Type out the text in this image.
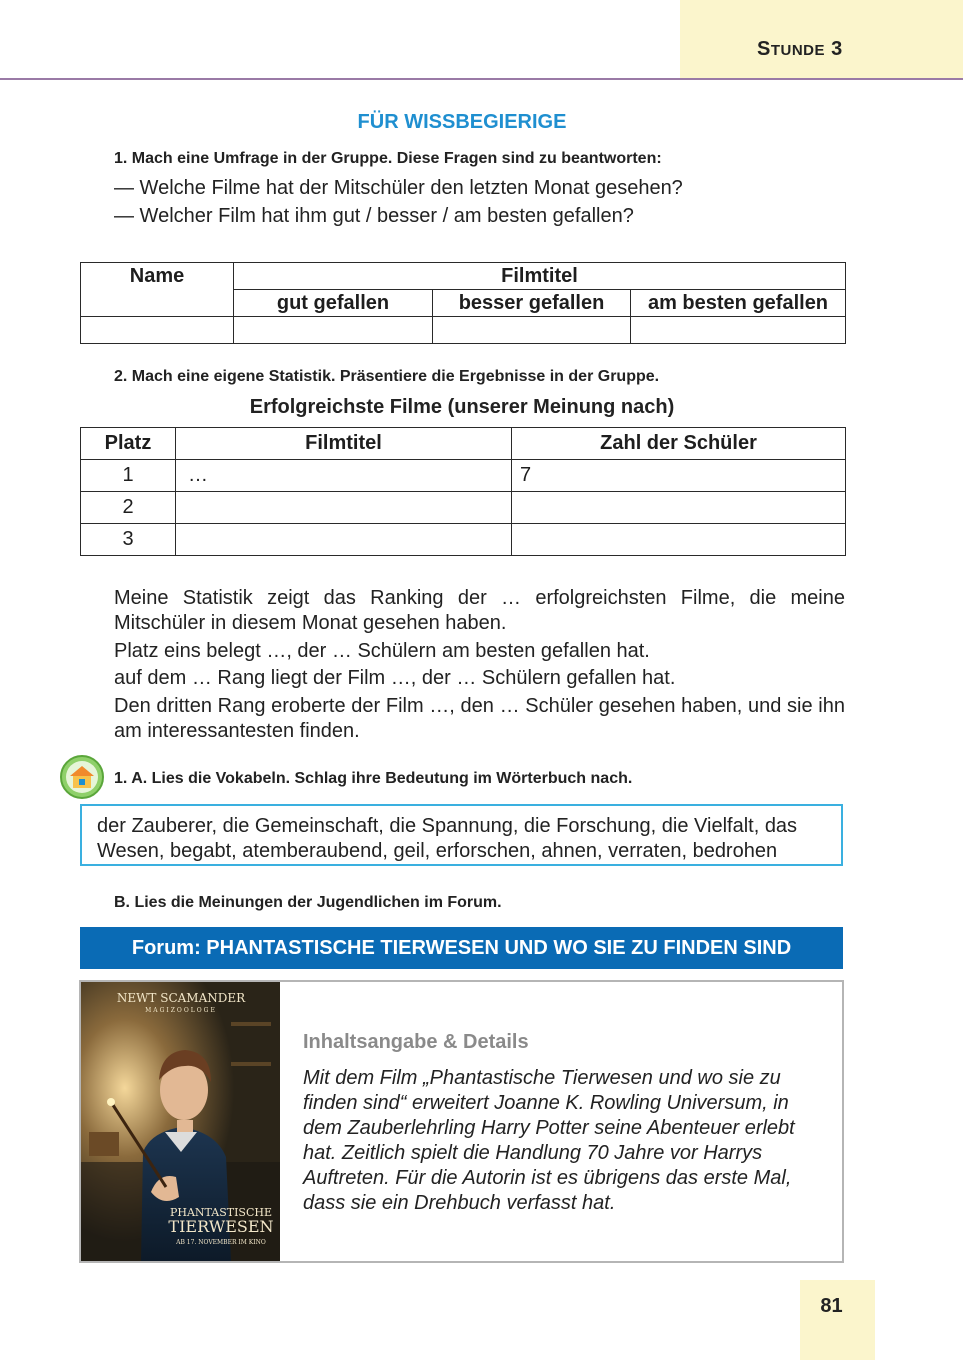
STUNDE 3
FÜR WISSBEGIERIGE
1. Mach eine Umfrage in der Gruppe. Diese Fragen sind zu beantworten:
— Welche Filme hat der Mitschüler den letzten Monat gesehen?
— Welcher Film hat ihm gut / besser / am besten gefallen?
Name	Filmtitel		
	gut gefallen	besser gefallen	am besten gefallen

2. Mach eine eigene Statistik. Präsentiere die Ergebnisse in der Gruppe.
Erfolgreichste Filme (unserer Meinung nach)
Platz	Filmtitel	Zahl der Schüler
1	…	7
2		
3		
Meine Statistik zeigt das Ranking der … erfolgreichsten Filme, die meine Mitschüler in diesem Monat gesehen haben.
Platz eins belegt …, der … Schülern am besten gefallen hat.
auf dem … Rang liegt der Film …, der … Schülern gefallen hat.
Den dritten Rang eroberte der Film …, den … Schüler gesehen haben, und sie ihn am interessantesten finden.
1. A. Lies die Vokabeln. Schlag ihre Bedeutung im Wörterbuch nach.
der Zauberer, die Gemeinschaft, die Spannung, die Forschung, die Vielfalt, das Wesen, begabt, atemberaubend, geil, erforschen, ahnen, verraten, bedrohen
B. Lies die Meinungen der Jugendlichen im Forum.
Forum: PHANTASTISCHE TIERWESEN UND WO SIE ZU FINDEN SIND
NEWT SCAMANDER
MAGIZOOLOGE
PHANTASTISCHE
TIERWESEN
AB 17. NOVEMBER IM KINO
Inhaltsangabe & Details
Mit dem Film „Phantastische Tierwesen und wo sie zu finden sind“ erweitert Joanne K. Rowling Universum, in dem Zauberlehrling Harry Potter seine Abenteuer erlebt hat. Zeitlich spielt die Handlung 70 Jahre vor Harrys Auftreten. Für die Autorin ist es übrigens das erste Mal, dass sie ein Drehbuch verfasst hat.
81
